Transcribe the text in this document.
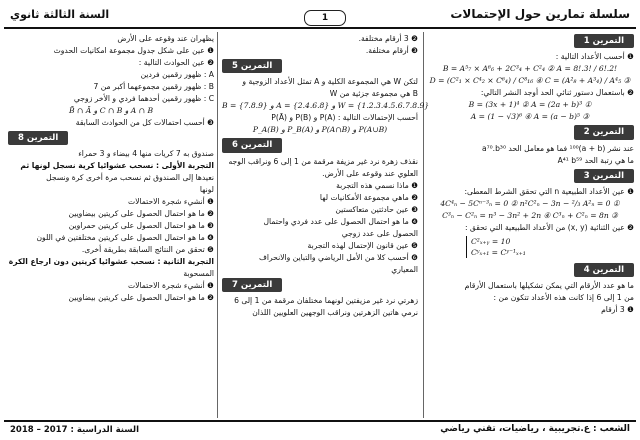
سلسلة تمارين حول الإحتمالات
1
السنة الثالثة ثانوي
التمرين 1
❶ أحسب الأعداد التالية :
B = A⁵₇ × A⁶₆ + 2C³₄ + C²₄ ② A = 8!.3! / 6!.2!
D = (C²₁ × C⁴₂ × C⁶₄) / C⁸₁₆ ④ C = (A²₈ + A³₄) / A⁴₅ ③
❷ باستعمال دستور ثنائي الحد أوجد النشر التالي:
B = (3x + 1)⁴ ② A = (2a + b)³ ①
A = (1 − √3)⁶ ④ A = (a − b)⁵ ③
التمرين 2
عند نشر (a + b)¹⁰⁰ فما هو معامل الحد a⁷⁰.b³⁰
ما هي رتبة الحد A⁴¹ b⁵⁹
التمرين 3
❶ عين الأعداد الطبيعية n التي تحقق الشرط المعطى:
4C⁴ₙ − 5Cⁿ⁻³ₙ = 0 ② n²C²ₙ − 3n − ²/₃ A²ₙ = 0 ①
C³ₙ − C²ₙ = n³ − 3n² + 2n ④ C³ₙ + C²ₙ = 8n ③
❷ عين الثنائية (x, y) من الأعداد الطبيعية التي تحقق :
C²ₓ₊ᵧ = 10
Cʸₓ₊₁ = Cʸ⁻¹ₓ₊₁
التمرين 4
ما هو عدد الأرقام التي يمكن تشكيلها باستعمال الأرقام
من 1 إلى 6 إذا كانت هذه الأعداد تتكون من :
❶ 3 أرقام
❷ 3 أرقام مختلفة.
❸ أرقام مختلفة.
التمرين 5
لتكن W هي المجموعة الكلية و A تمثل الأعداد الزوجية و
B هي مجموعة جزئية من W
B = {7.8.9} و A = {2.4.6.8} و W = {1.2.3.4.5.6.7.8.9}
أحسب الإحتمالات التالية : P(A) و P(B) و P(Ā)
P_A(B) و P_B(A) و P(A∩B) و P(A∪B)
التمرين 6
نقذف زهرة نرد غير مزيفة مرقمة من 1 إلى 6 ونراقب الوجه
العلوي عند وقوعه على الأرض.
❶ ماذا نسمي هذه التجربة
❷ ماهي مجموعة الأمكانيات لها
❸ عين حادثتين متعاكستين
❹ ما هو احتمال الحصول على عدد فردي واحتمال
الحصول على عدد زوجي
❺ عين قانون الإحتمال لهذه التجربة
❻ أحسب كلا من الأمل الرياضي والتباين والانحراف
المعياري
التمرين 7
زهرتي نرد غير مزيفتين لونهما مختلفان مرقمة من 1 إلى 6
نرمي هاتين الزهرتين ونراقب الوجهين العلويين اللذان
يظهران عند وقوعه على الأرض
❶ عين على شكل جدول مجموعة امكانيات الحدوث
❷ عين الحوادث التالية :
A : ظهور رقمين فردين
B : ظهور رقمين مجموعهما أكبر من 7
C : ظهور رقمين أحدهما فردي و الأخر زوجي
B̄ ∩ Ā و C ∩ B و A ∩ B
❸ أحسب احتمالات كل من الحوادث السابقة
التمرين 8
صندوق به 7 كريات منها 4 بيضاء و 3 حمراء
التجربة الأولى : نسحب عشوائيا كرية نسجل لونها ثم
نعيدها إلى الصندوق ثم نسحب مرة أخرى كرة ونسجل
لونها
❶ أنشيء شجرة الاحتمالات
❷ ما هو احتمال الحصول على كريتين بيضاويين
❸ ما هو احتمال الحصول على كريتين حمراوين
❹ ما هو احتمال الحصول على كريتين مختلفتين في اللون
❺ تحقق من النتائج السابقة بطريقة أخرى.
التجربة الثانية : نسحب عشوائيا كريتين دون ارجاع الكرة
المسحوبة
❶ أنشيء شجرة الاحتمالات
❷ ما هو احتمال الحصول على كريتين بيضاويين
الشعب : ع.تجريبية ، رياضيات، تقني رياضي
السنة الدراسية : 2017 – 2018
